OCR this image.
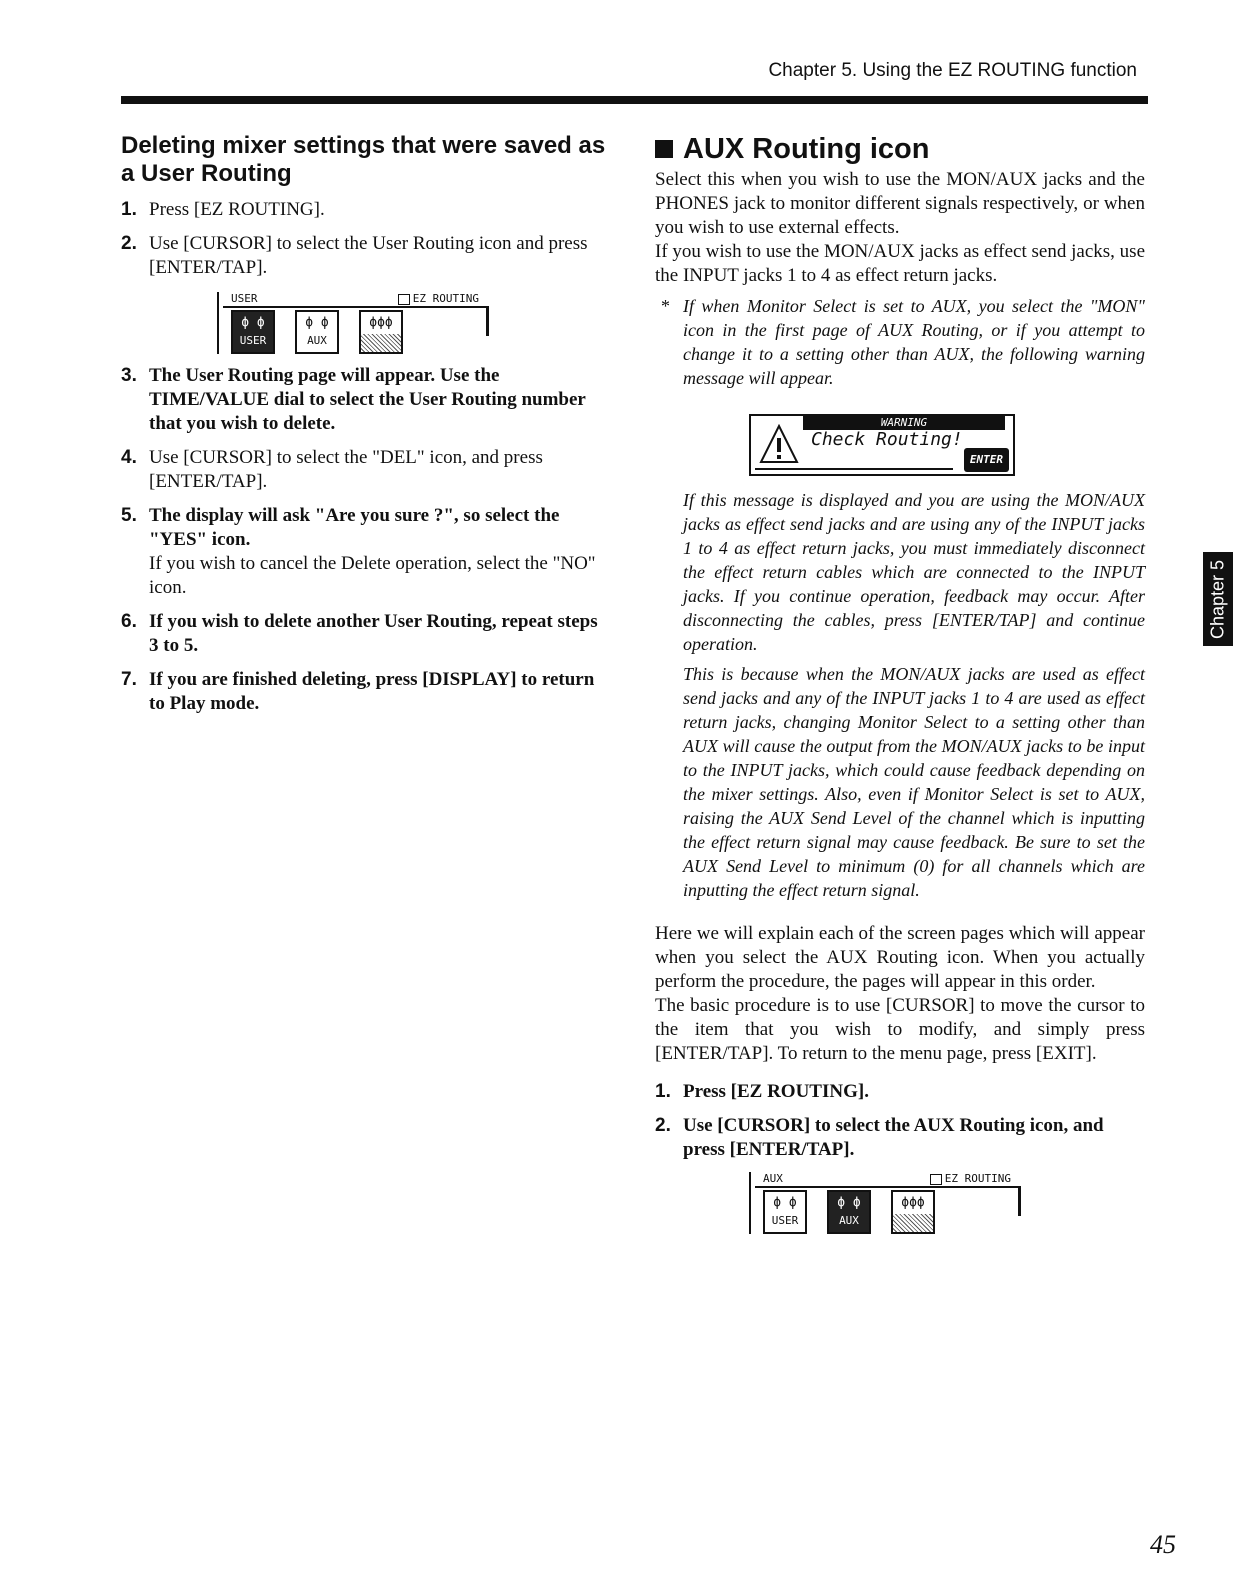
Chapter 5. Using the EZ ROUTING function
Deleting mixer settings that were saved as a User Routing
1. Press [EZ ROUTING].
2. Use [CURSOR] to select the User Routing icon and press [ENTER/TAP].
USER	EZ ROUTING
ϕ ϕ
USER
ϕ ϕ
AUX
ϕϕϕ
3. The User Routing page will appear. Use the TIME/VALUE dial to select the User Routing number that you wish to delete.
4. Use [CURSOR] to select the "DEL" icon, and press [ENTER/TAP].
5. The display will ask "Are you sure ?", so select the "YES" icon.
If you wish to cancel the Delete operation, select the "NO" icon.
6. If you wish to delete another User Routing, repeat steps 3 to 5.
7. If you are finished deleting, press [DISPLAY] to return to Play mode.
AUX Routing icon

Select this when you wish to use the MON/AUX jacks and the PHONES jack to monitor different signals respectively, or when you wish to use external effects.

If you wish to use the MON/AUX jacks as effect send jacks, use the INPUT jacks 1 to 4 as effect return jacks.

* If when Monitor Select is set to AUX, you select the "MON" icon in the first page of AUX Routing, or if you attempt to change it to a setting other than AUX, the following warning message will appear.

WARNING
Check Routing!
ENTER

If this message is displayed and you are using the MON/AUX jacks as effect send jacks and are using any of the INPUT jacks 1 to 4 as effect return jacks, you must immediately disconnect the effect return cables which are connected to the INPUT jacks. If you continue operation, feedback may occur. After disconnecting the cables, press [ENTER/TAP] and continue operation.

This is because when the MON/AUX jacks are used as effect send jacks and any of the INPUT jacks 1 to 4 are used as effect return jacks, changing Monitor Select to a setting other than AUX will cause the output from the MON/AUX jacks to be input to the INPUT jacks, which could cause feedback depending on the mixer settings. Also, even if Monitor Select is set to AUX, raising the AUX Send Level of the channel which is inputting the effect return signal may cause feedback. Be sure to set the AUX Send Level to minimum (0) for all channels which are inputting the effect return signal.

Here we will explain each of the screen pages which will appear when you select the AUX Routing icon. When you actually perform the procedure, the pages will appear in this order.

The basic procedure is to use [CURSOR] to move the cursor to the item that you wish to modify, and simply press [ENTER/TAP]. To return to the menu page, press [EXIT].

1. Press [EZ ROUTING].
2. Use [CURSOR] to select the AUX Routing icon, and press [ENTER/TAP].
AUX	EZ ROUTING
ϕ ϕ
USER
ϕ ϕ
AUX
ϕϕϕ
Chapter 5
45
